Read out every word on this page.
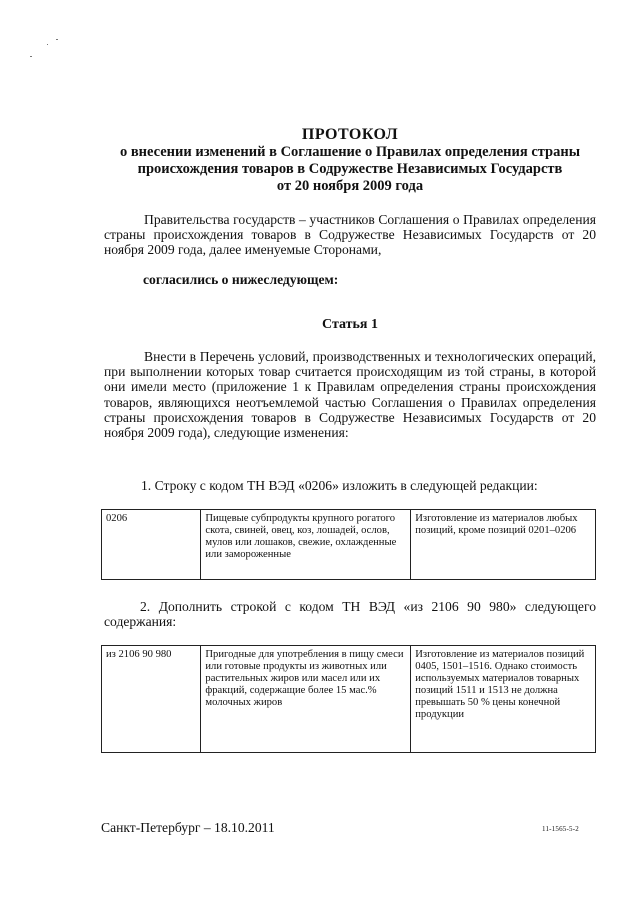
ПРОТОКОЛ
о внесении изменений в Соглашение о Правилах определения страны
происхождения товаров в Содружестве Независимых Государств
от 20 ноября 2009 года
Правительства государств – участников Соглашения о Правилах определения страны происхождения товаров в Содружестве Независимых Государств от 20 ноября 2009 года, далее именуемые Сторонами,
согласились о нижеследующем:
Статья 1
Внести в Перечень условий, производственных и технологических операций, при выполнении которых товар считается происходящим из той страны, в которой они имели место (приложение 1 к Правилам определения страны происхождения товаров, являющихся неотъемлемой частью Соглашения о Правилах определения страны происхождения товаров в Содружестве Независимых Государств от 20 ноября 2009 года), следующие изменения:
1. Строку с кодом ТН ВЭД «0206» изложить в следующей редакции:
0206	Пищевые субпродукты крупного рогатого скота, свиней, овец, коз, лошадей, ослов, мулов или лошаков, свежие, охлажденные или замороженные	Изготовление из материалов любых позиций, кроме позиций 0201–0206
2. Дополнить строкой с кодом ТН ВЭД «из 2106 90 980» следующего содержания:
из 2106 90 980	Пригодные для употребления в пищу смеси или готовые продукты из животных или растительных жиров или масел или их фракций, содержащие более 15 мас.% молочных жиров	Изготовление из материалов позиций 0405, 1501–1516. Однако стоимость используемых материалов товарных позиций 1511 и 1513 не должна превышать 50 % цены конечной продукции
Санкт-Петербург – 18.10.2011	11-1565-5-2
